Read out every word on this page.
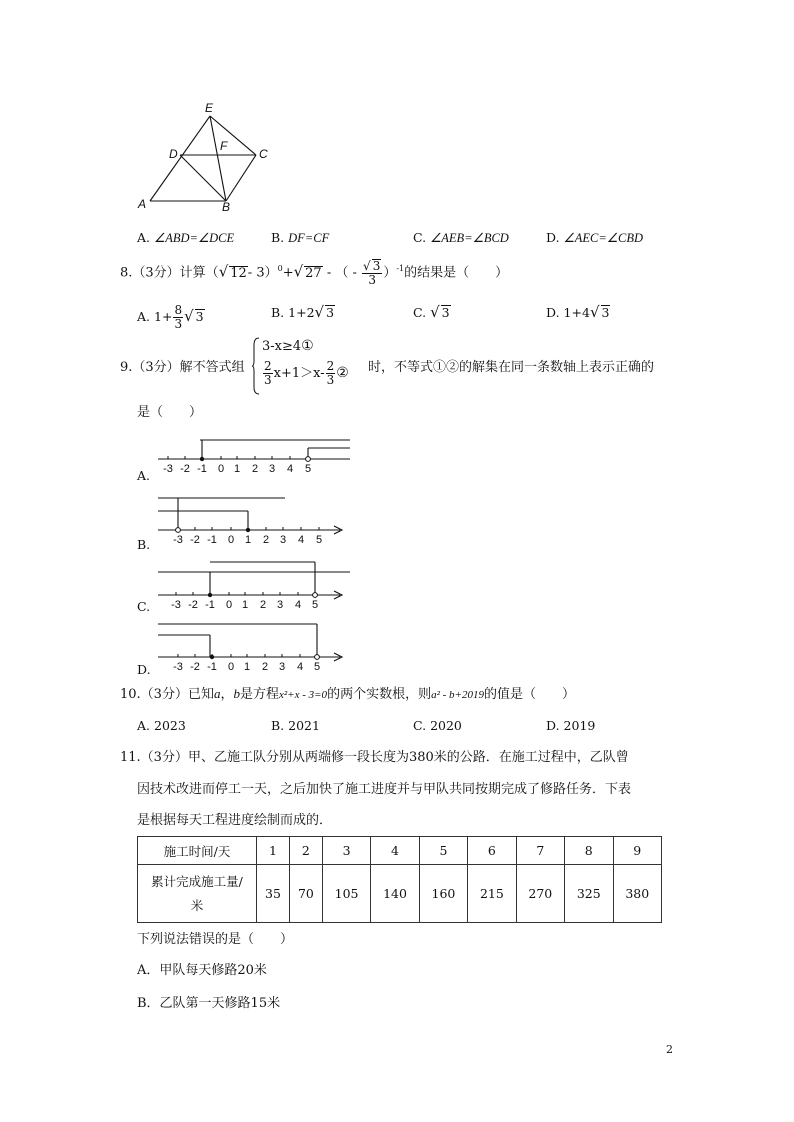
E
D
F
C
A	B
A. ∠ABD=∠DCE	B. DF=CF	C. ∠AEB=∠BCD	D. ∠AEC=∠CBD
8.（3分）计算（√ 12- 3）$^0$+√ 27 - （ - $\frac{√ 3}{3} )^{-1}$的结果是（　　）
A. $1+ \frac{8}{3}$ √ 3	B. 1+2√ 3	C. √ 3	D. 1+4√ 3
9.（3分）解不答式组
3-x≥4①
$\frac{2}{3} x+1>x- \frac{2}{3}$ ② 时，不等式①②的解集在同一条数轴上表示正确的
是（　　）
A.
B.
C.
D.
-3 -2 -1 0 1 2 3 4 5
-3 -2 -1 0 1 2 3 4 5
-3 -2 -1 0 1 2 3 4 5
-3 -2 -1 0 1 2 3 4 5
10.（3分）已知a，b是方程x²+x - 3=0的两个实数根，则a² - b+2019的值是（　　）
A. 2023	B. 2021	C. 2020	D. 2019
11.（3分）甲、乙施工队分别从两端修一段长度为380米的公路．在施工过程中，乙队曾
因技术改进而停工一天，之后加快了施工进度并与甲队共同按期完成了修路任务．下表
是根据每天工程进度绘制而成的．
施工时间/天	1	2	3	4	5	6	7	8	9

累计完成施工量/
米	35	70	105	140	160	215	270	325	380
下列说法错误的是（　　）
A．甲队每天修路20米
B．乙队第一天修路15米
2
